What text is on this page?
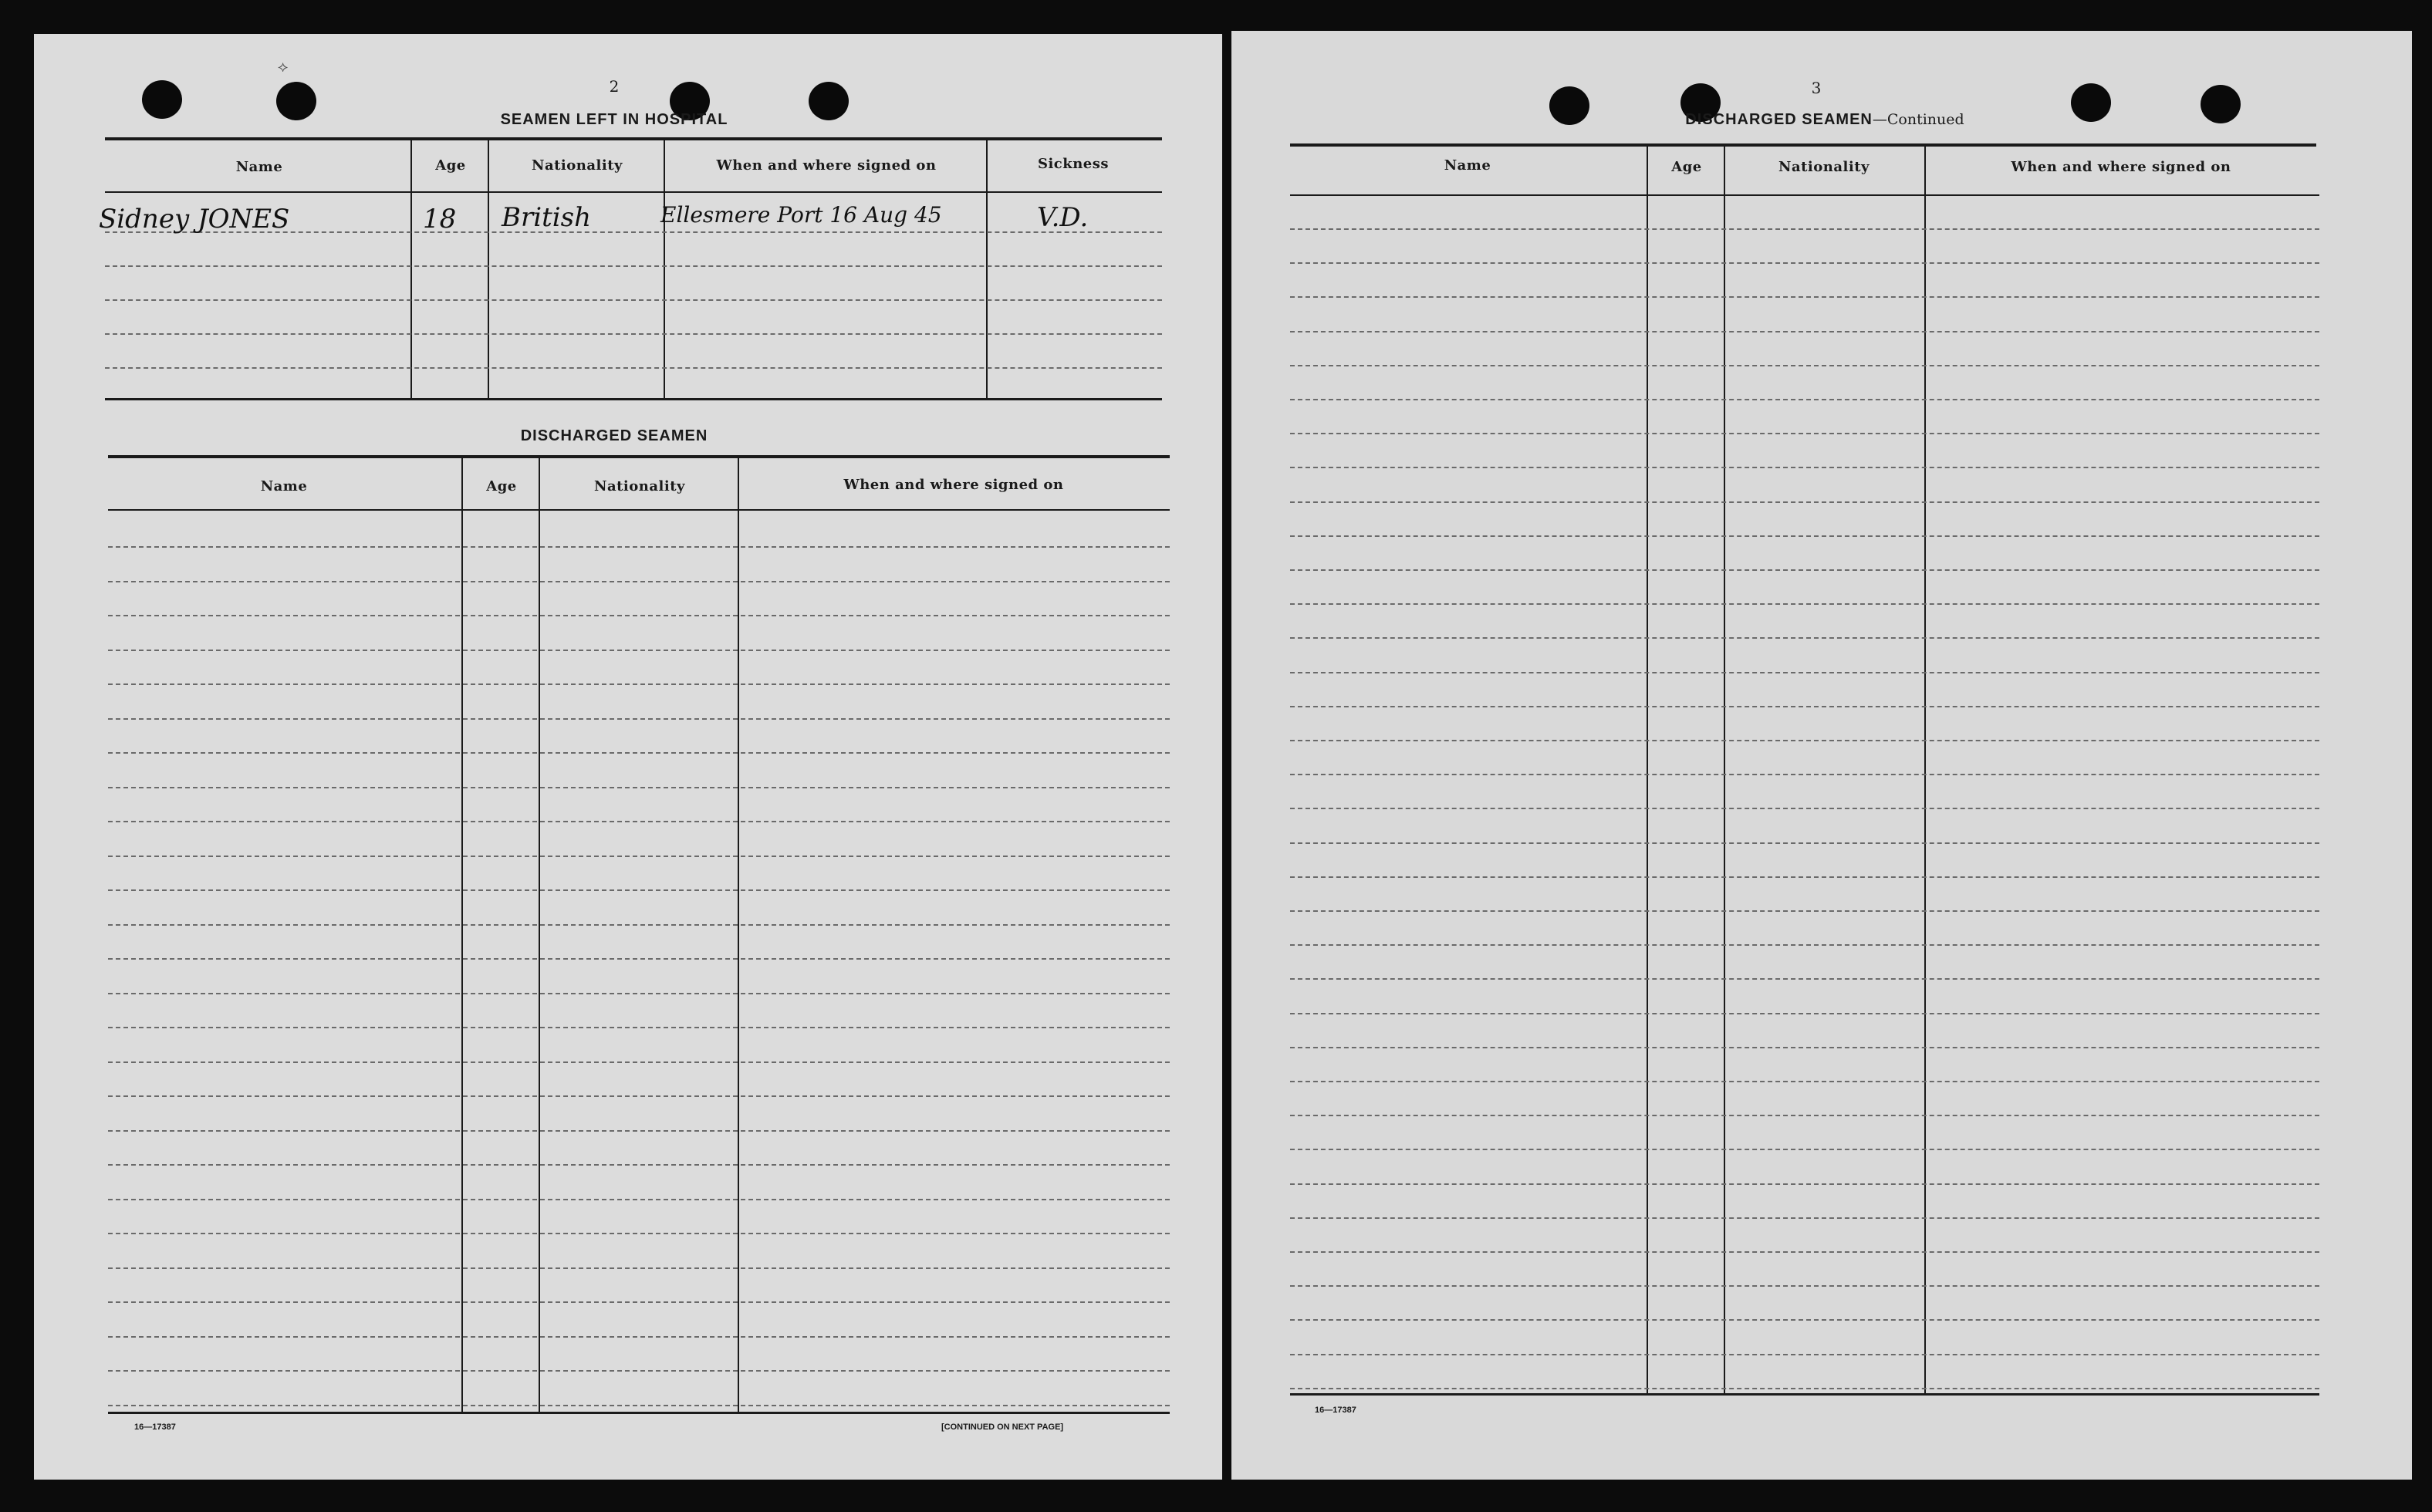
⟡
2
SEAMEN LEFT IN HOSPITAL
Name	Age	Nationality	When and where signed on	Sickness
Sidney JONES	18 British	Ellesmere Port 16 Aug 45	V.D.
DISCHARGED SEAMEN
Name	Age	Nationality	When and where signed on
16—17387	[CONTINUED ON NEXT PAGE]
3
DISCHARGED SEAMEN—Continued
Name	Age	Nationality	When and where signed on
16—17387
